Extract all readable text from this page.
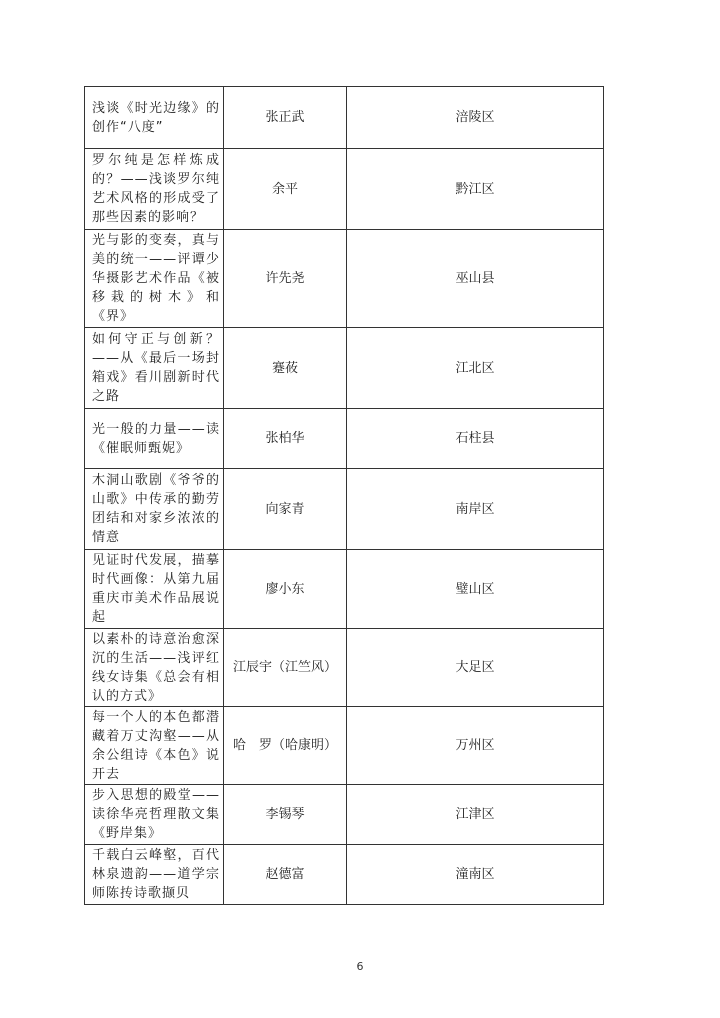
浅谈《时光边缘》的创作“八度”	张正武	涪陵区
罗尔纯是怎样炼成的？——浅谈罗尔纯艺术风格的形成受了那些因素的影响？	余平	黔江区
光与影的变奏，真与美的统一——评谭少华摄影艺术作品《被移栽的树木》和《界》	许先尧	巫山县
如何守正与创新？——从《最后一场封箱戏》看川剧新时代之路	蹇莜	江北区
光一般的力量——读《催眠师甄妮》	张柏华	石柱县
木洞山歌剧《爷爷的山歌》中传承的勤劳团结和对家乡浓浓的情意	向家青	南岸区
见证时代发展，描摹时代画像：从第九届重庆市美术作品展说起	廖小东	璧山区
以素朴的诗意治愈深沉的生活——浅评红线女诗集《总会有相认的方式》	江辰宇（江竺风）	大足区
每一个人的本色都潜藏着万丈沟壑——从余公组诗《本色》说开去	哈　罗（哈康明）	万州区
步入思想的殿堂——读徐华亮哲理散文集《野岸集》	李锡琴	江津区
千载白云峰壑，百代林泉遗韵——道学宗师陈抟诗歌撷贝	赵德富	潼南区
6
